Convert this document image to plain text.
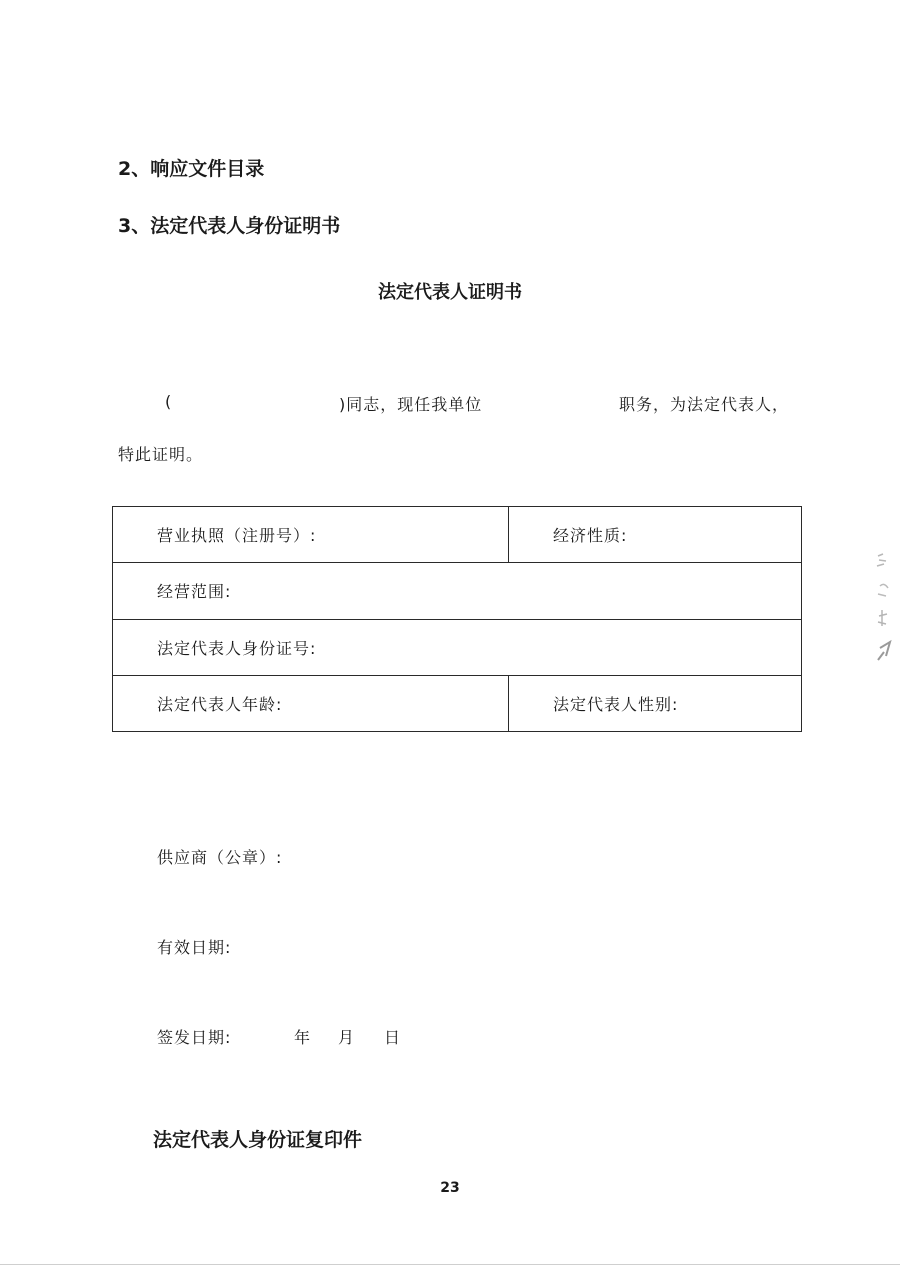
2、响应文件目录
3、法定代表人身份证明书
法定代表人证明书
(	)同志，现任我单位	职务，为法定代表人，
特此证明。
营业执照（注册号）:	经济性质:
经营范围:	
法定代表人身份证号:	
法定代表人年龄:	法定代表人性别:
供应商（公章）:
有效日期:
签发日期:	年 月 日
法定代表人身份证复印件
23
